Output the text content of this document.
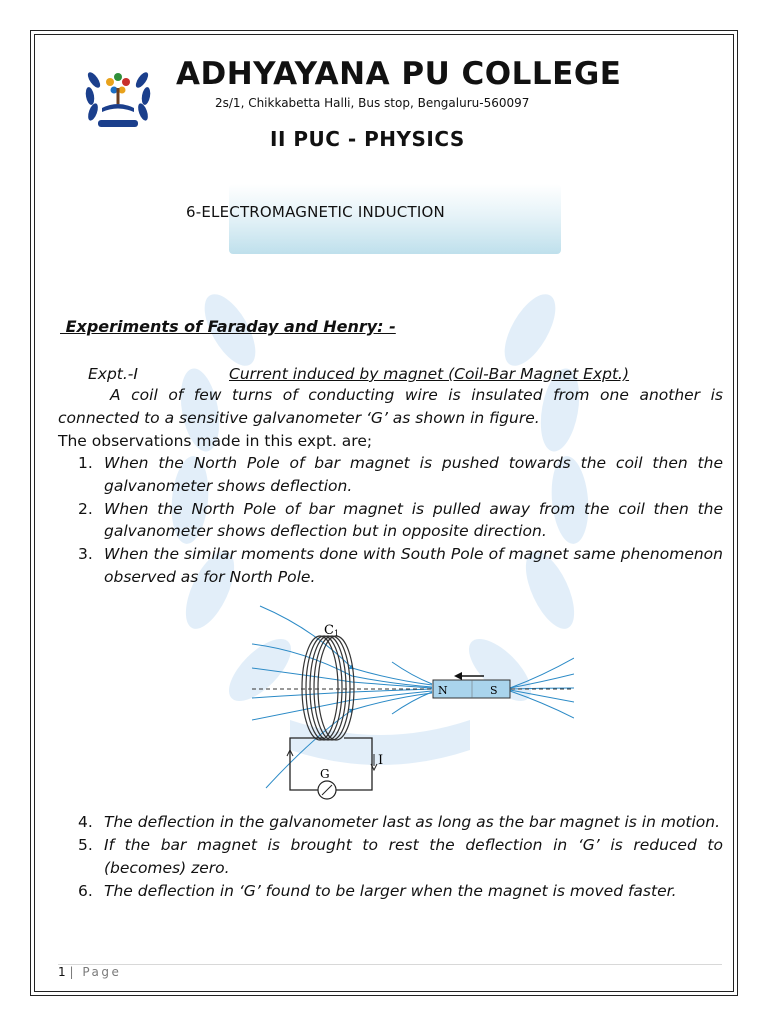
ADHYAYANA PU COLLEGE
2s/1, Chikkabetta Halli, Bus stop, Bengaluru-560097
II PUC - PHYSICS
6-ELECTROMAGNETIC INDUCTION
Experiments of Faraday and Henry: -
Expt.-I	Current induced by magnet (Coil-Bar Magnet Expt.)
A coil of few turns of conducting wire is insulated from one another is connected to a sensitive galvanometer ‘G’ as shown in figure.
The observations made in this expt. are;
1. When the North Pole of bar magnet is pushed towards the coil then the galvanometer shows deflection.
2. When the North Pole of bar magnet is pulled away from the coil then the galvanometer shows deflection but in opposite direction.
3. When the similar moments done with South Pole of magnet same phenomenon observed as for North Pole.
N	S
C 1
G
I
4. The deflection in the galvanometer last as long as the bar magnet is in motion.
5. If the bar magnet is brought to rest the deflection in ‘G’ is reduced to (becomes) zero.
6. The deflection in ‘G’ found to be larger when the magnet is moved faster.
1 | Page
